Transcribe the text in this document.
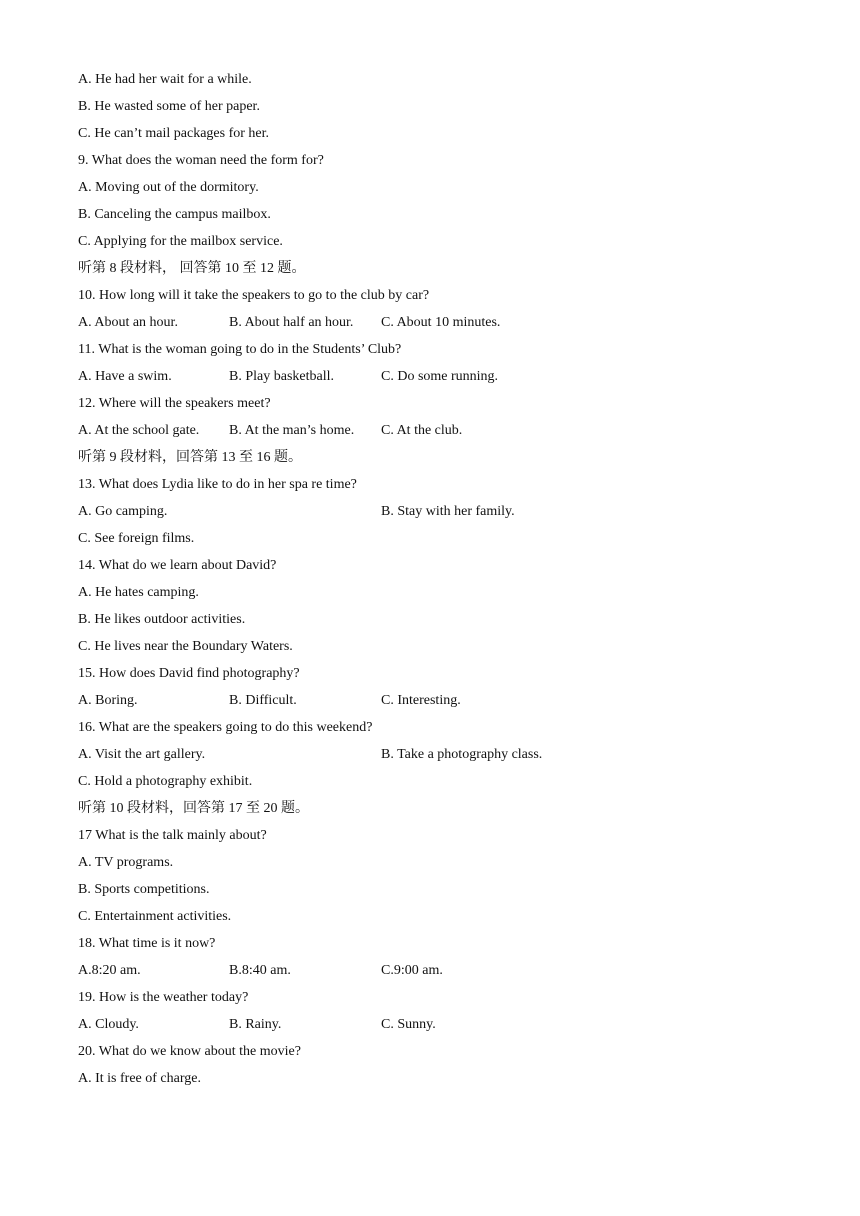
A. He had her wait for a while.
B. He wasted some of her paper.
C. He can’t mail packages for her.
9. What does the woman need the form for?
A. Moving out of the dormitory.
B. Canceling the campus mailbox.
C. Applying for the mailbox service.
听第 8 段材料， 回答第 10 至 12 题。
10. How long will it take the speakers to go to the club by car?
A. About an hour.	B. About half an hour. C. About 10 minutes.
11. What is the woman going to do in the Students’ Club?
A. Have a swim.	B. Play basketball.	C. Do some running.
12. Where will the speakers meet?
A. At the school gate. B. At the man’s home. C. At the club.
听第 9 段材料，回答第 13 至 16 题。
13. What does Lydia like to do in her spa re time?
A. Go camping.	B. Stay with her family.
C. See foreign films.
14. What do we learn about David?
A. He hates camping.
B. He likes outdoor activities.
C. He lives near the Boundary Waters.
15. How does David find photography?
A. Boring.	B. Difficult.	C. Interesting.
16. What are the speakers going to do this weekend?
A. Visit the art gallery.	B. Take a photography class.
C. Hold a photography exhibit.
听第 10 段材料，回答第 17 至 20 题。
17 What is the talk mainly about?
A. TV programs.
B. Sports competitions.
C. Entertainment activities.
18. What time is it now?
A.8:20 am.	B.8:40 am.	C.9:00 am.
19. How is the weather today?
A. Cloudy.	B. Rainy.	C. Sunny.
20. What do we know about the movie?
A. It is free of charge.
